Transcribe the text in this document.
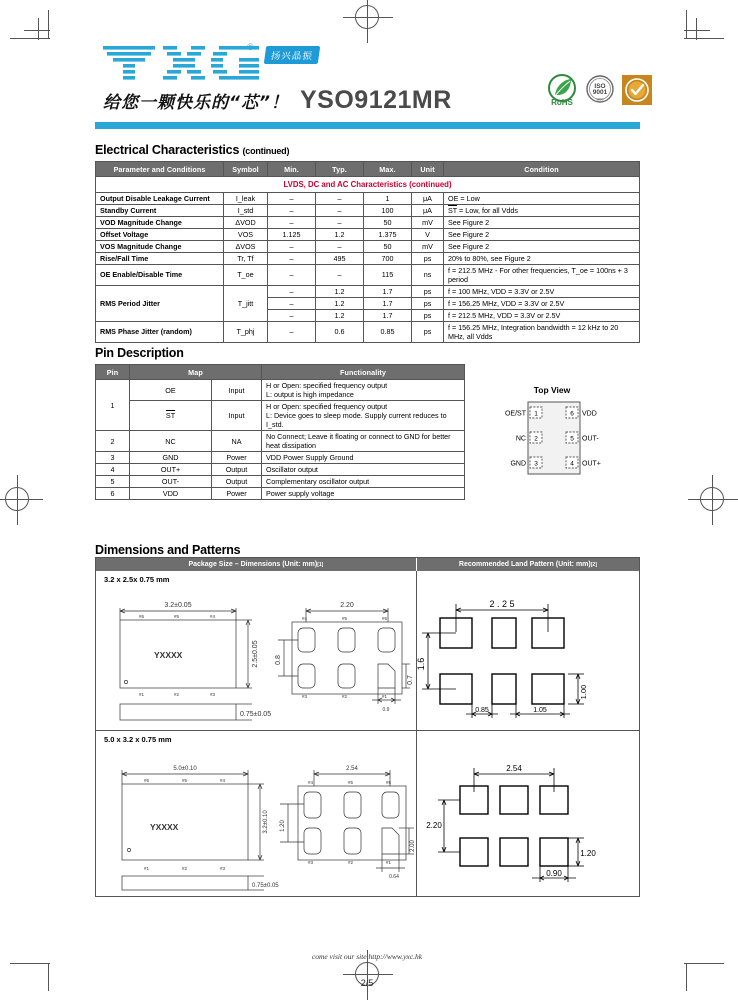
®
扬兴晶振
给您一颗快乐的“芯”！ YSO9121MR	RoHS
ISO
9001
ucc
Electrical Characteristics (continued)
Parameter and Conditions	Symbol	Min.	Typ.	Max.	Unit	Condition
LVDS, DC and AC Characteristics (continued)						
Output Disable Leakage Current	I_leak	–	–	1	μA	OE = Low
Standby Current	I_std	–	–	100	μA	$\overline{ST}$ = Low, for all Vdds
VOD Magnitude Change	ΔVOD	–	–	50	mV	See Figure 2
Offset Voltage	VOS	1.125	1.2	1.375	V	See Figure 2
VOS Magnitude Change	ΔVOS	–	–	50	mV	See Figure 2
Rise/Fall Time	Tr, Tf	–	495	700	ps	20% to 80%, see Figure 2
OE Enable/Disable Time	T_oe	–	–	115	ns	f = 212.5 MHz - For other frequencies, T_oe = 100ns + 3 period
RMS Period Jitter	T_jitt	–	1.2	1.7	ps	f = 100 MHz, VDD = 3.3V or 2.5V
		–	1.2	1.7	ps	f = 156.25 MHz, VDD = 3.3V or 2.5V
		–	1.2	1.7	ps	f = 212.5 MHz, VDD = 3.3V or 2.5V
RMS Phase Jitter (random)	T_phj	–	0.6	0.85	ps	f = 156.25 MHz, Integration bandwidth = 12 kHz to 20 MHz, all Vdds
Pin Description
Pin	Map		Functionality
1	OE	Input	H or Open: specified frequency output
L: output is high impedance
	$\overline{ST}$	Input	H or Open: specified frequency output
L: Device goes to sleep mode. Supply current reduces to I_std.
2	NC	NA	No Connect; Leave it floating or connect to GND for better heat dissipation
3	GND	Power	VDD Power Supply Ground
4	OUT+	Output	Oscillator output
5	OUT-	Output	Complementary oscillator output
6	VDD	Power	Power supply voltage
Top View
1
OE/ST
2
NC
3
GND
6 VDD
5 OUT-
4 OUT+
Dimensions and Patterns
Package Size – Dimensions (Unit: mm) [1]	Recommended Land Pattern (Unit: mm) [2]
3.2 x 2.5x 0.75 mm
3.2±0.05
2.5±0.05
YXXXX
#6	#5	#4
#1	#2	#3
0.75±0.05
2.20
0.8
0.7
0.9
#4	#5	#6
#3	#2	#1
2 . 2 5
1.6
1.00
0.85	1.05
5.0 x 3.2 x 0.75 mm
5.0±0.10
3.2±0.10
YXXXX
#6	#5	#4
#1	#2	#3
0.75±0.05
2.54
1.20
2.00
0.64
#4	#5	#6
#3	#2	#1
2.54
2.20
1.20
0.90
come visit our site http://www.yxc.hk
2/5
